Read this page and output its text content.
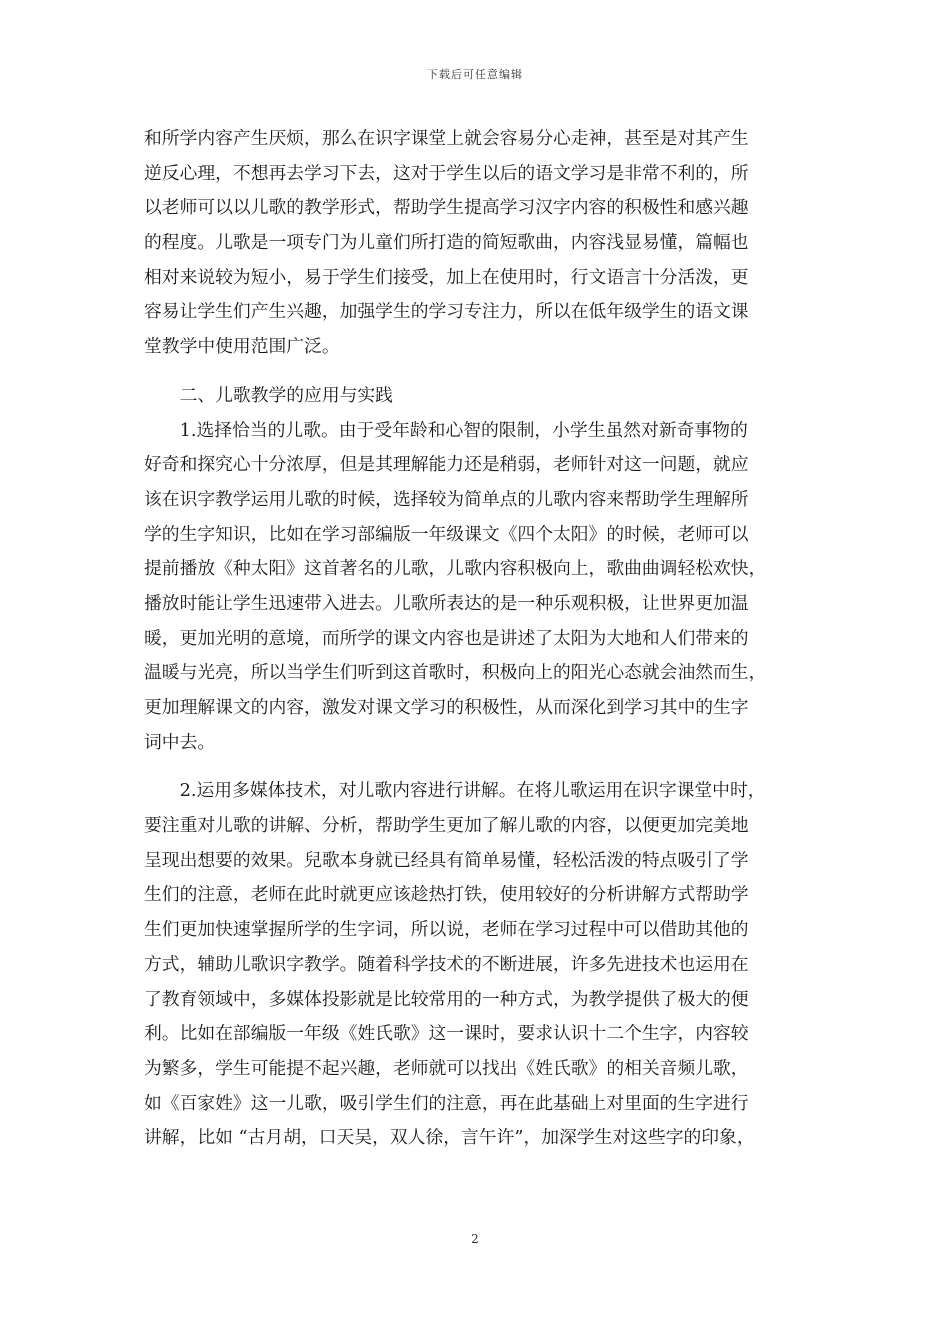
下载后可任意编辑
和所学内容产生厌烦，那么在识字课堂上就会容易分心走神，甚至是对其产生
逆反心理，不想再去学习下去，这对于学生以后的语文学习是非常不利的，所
以老师可以以儿歌的教学形式，帮助学生提高学习汉字内容的积极性和感兴趣
的程度。儿歌是一项专门为儿童们所打造的简短歌曲，内容浅显易懂，篇幅也
相对来说较为短小，易于学生们接受，加上在使用时，行文语言十分活泼，更
容易让学生们产生兴趣，加强学生的学习专注力，所以在低年级学生的语文课
堂教学中使用范围广泛。
　　二、儿歌教学的应用与实践
　　1.选择恰当的儿歌。由于受年龄和心智的限制，小学生虽然对新奇事物的
好奇和探究心十分浓厚，但是其理解能力还是稍弱，老师针对这一问题，就应
该在识字教学运用儿歌的时候，选择较为简单点的儿歌内容来帮助学生理解所
学的生字知识，比如在学习部编版一年级课文《四个太阳》的时候，老师可以
提前播放《种太阳》这首著名的儿歌，儿歌内容积极向上，歌曲曲调轻松欢快，
播放时能让学生迅速带入进去。儿歌所表达的是一种乐观积极，让世界更加温
暖，更加光明的意境，而所学的课文内容也是讲述了太阳为大地和人们带来的
温暖与光亮，所以当学生们听到这首歌时，积极向上的阳光心态就会油然而生，
更加理解课文的内容，激发对课文学习的积极性，从而深化到学习其中的生字
词中去。
　　2.运用多媒体技术，对儿歌内容进行讲解。在将儿歌运用在识字课堂中时，
要注重对儿歌的讲解、分析，帮助学生更加了解儿歌的内容，以便更加完美地
呈现出想要的效果。兒歌本身就已经具有简单易懂，轻松活泼的特点吸引了学
生们的注意，老师在此时就更应该趁热打铁，使用较好的分析讲解方式帮助学
生们更加快速掌握所学的生字词，所以说，老师在学习过程中可以借助其他的
方式，辅助儿歌识字教学。随着科学技术的不断进展，许多先进技术也运用在
了教育领域中，多媒体投影就是比较常用的一种方式，为教学提供了极大的便
利。比如在部编版一年级《姓氏歌》这一课时，要求认识十二个生字，内容较
为繁多，学生可能提不起兴趣，老师就可以找出《姓氏歌》的相关音频儿歌，
如《百家姓》这一儿歌，吸引学生们的注意，再在此基础上对里面的生字进行
讲解，比如 “古月胡，口天吴，双人徐，言午许”，加深学生对这些字的印象，
2
